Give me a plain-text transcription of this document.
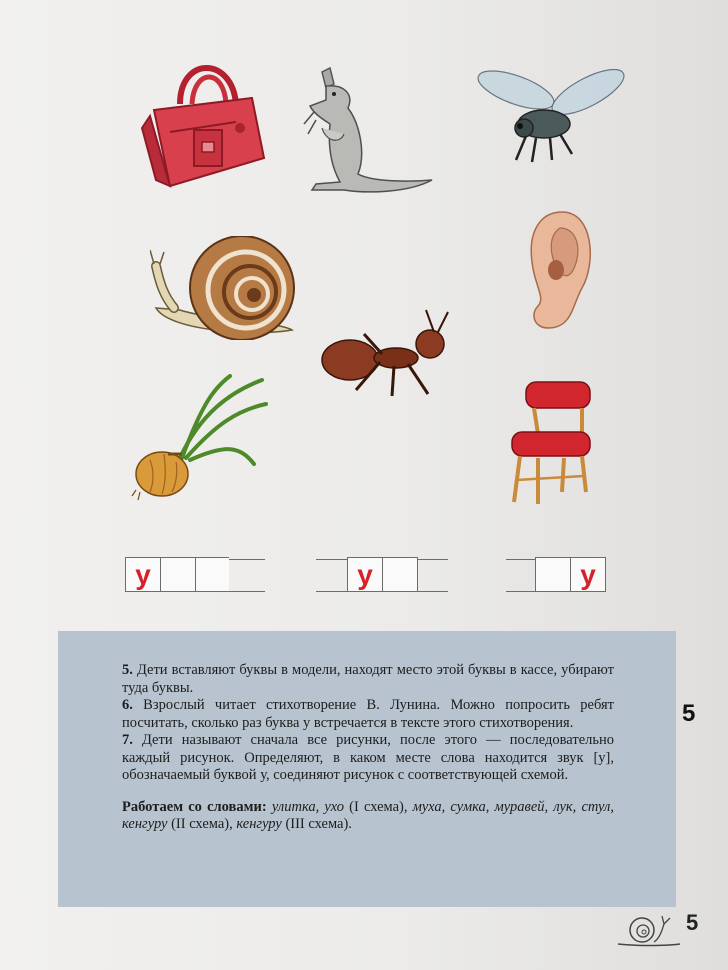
у	у	у

5. Дети вставляют буквы в модели, находят место этой буквы в кассе, убирают туда буквы.

6. Взрослый читает стихотворение В. Лунина. Можно попросить ребят посчитать, сколько раз буква у встречается в тексте этого стихотворения.

7. Дети называют сначала все рисунки, после этого — последовательно каждый рисунок. Определяют, в каком месте слова находится звук [у], обозначаемый буквой у, соединяют рисунок с соответствующей схемой.

Работаем со словами: улитка, ухо (I схема), муха, сумка, муравей, лук, стул, кенгуру (II схема), кенгуру (III схема).

5
5
